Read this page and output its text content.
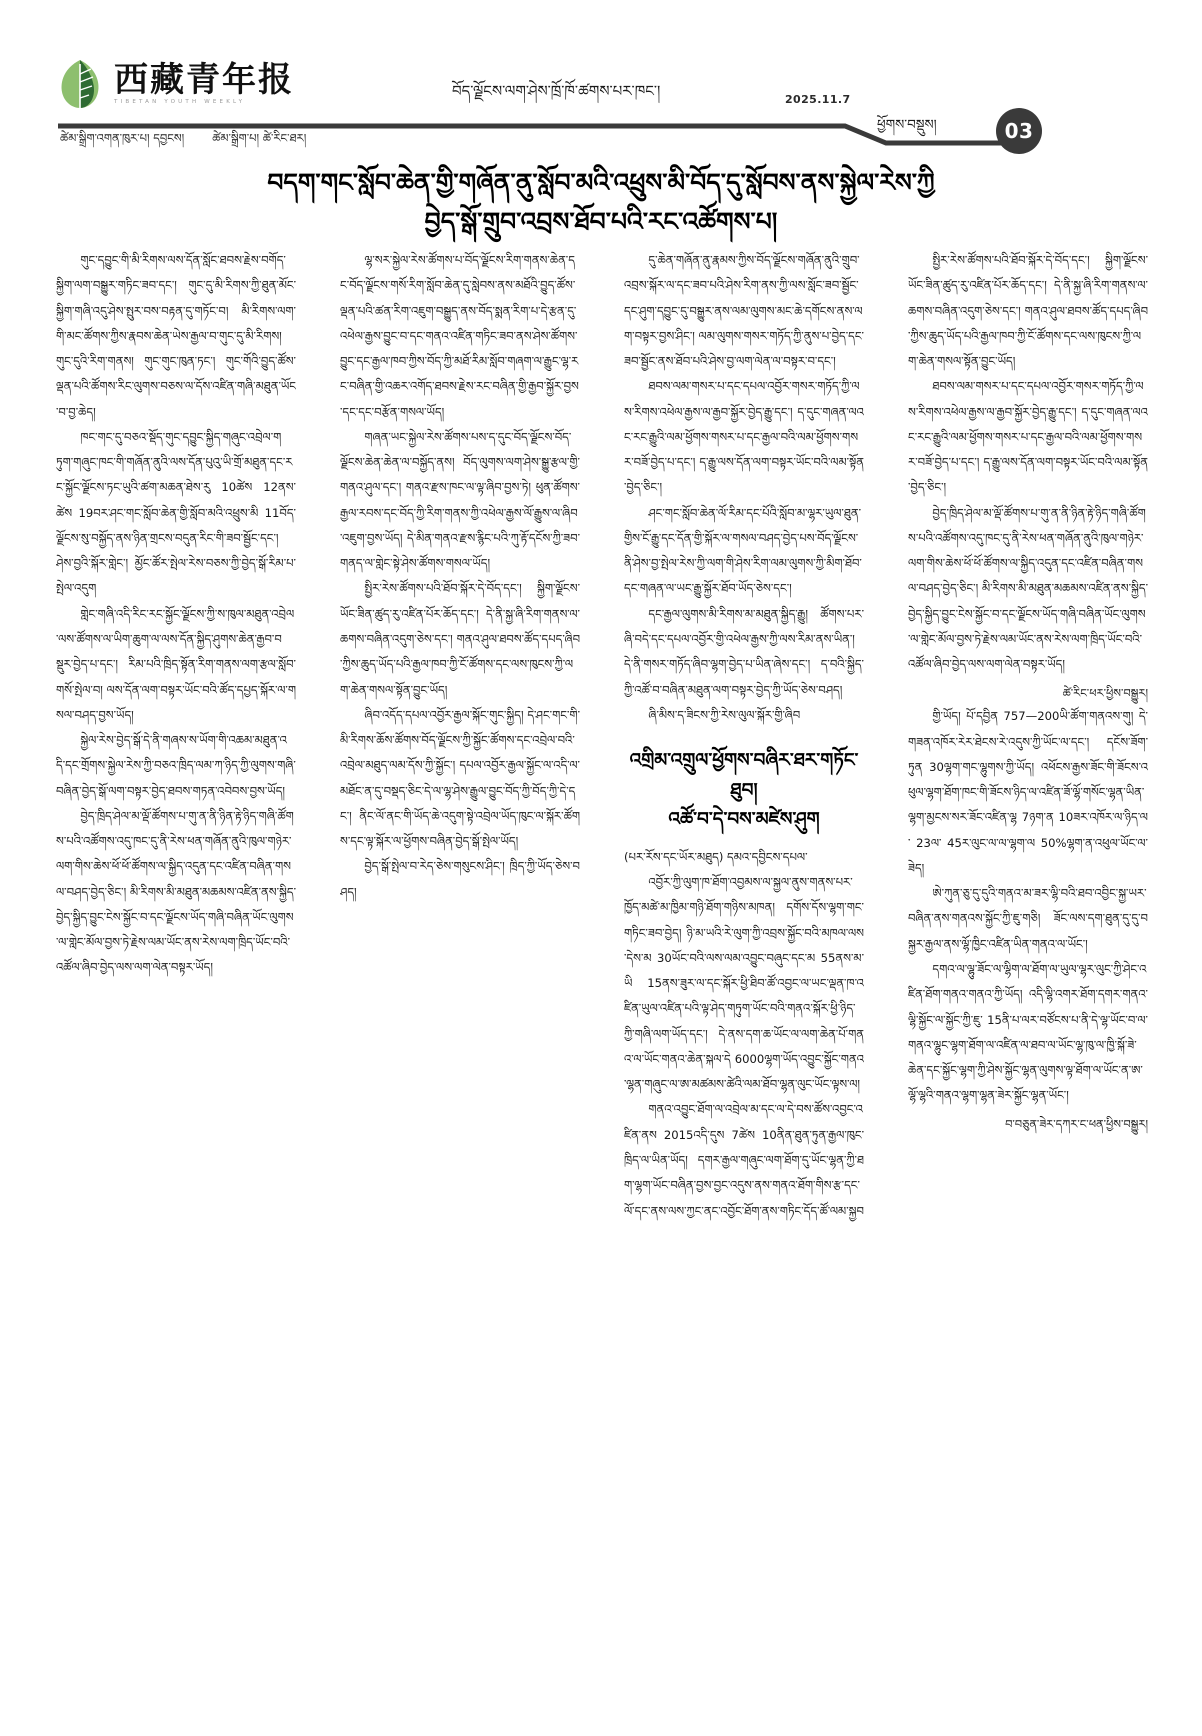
西藏青年报
TIBETAN YOUTH WEEKLY
བོད་ལྗོངས་ལག་ཤེས་ཁྲོ་ཁོ་ཚགས་པར་ཁང་།	2025.11.7
ཕྱོགས་བསྡུས།	03
ཚེམ་སྒྲིག་འགན་ཁུར་པ། དབྱངས། ཚེམ་སྒྲིག་པ། ཚེ་རིང་ཐར།
བདག་གང་སློབ་ཆེན་གྱི་གཞོན་ནུ་སློབ་མའི་འཕྲུས་མི་བོད་དུ་སློབས་ནས་སྐྱེལ་རེས་ཀྱི
བྱེད་སྒོ་གྲུབ་འབྲས་ཐོབ་པའི་རང་འཚོགས་པ།

གུང་དབྱུང་གི་མི་རིགས་ལས་དོན་སློང་ཐབས་རྗེས་བགོད་སྐྱིག་ལག་བསྒྱུར་གཏིང་ཟབ་དང་། གུང་དུ་མི་རིགས་ཀྱི་ཐུན་མོང་སྐྱིག་གཞི་འདུ་ཤེས་སྤུར་བས་བརྟན་དུ་གཏོང་བ། མི་རིགས་ལག་གི་མང་ཚོགས་ཀྱིས་རྣབས་ཆེན་ཡེས་རྒྱལ་བ་གུང་དུ་མི་རིགས། གུང་དུའི་རིག་གནས། གུང་གུང་ཁུན་ཏང་། གུང་གོའི་བྱུད་ཚོས་ལྡན་པའི་ཚོགས་རིང་ལུགས་བཅས་ལ་དོས་འཛིན་གཞི་མཐུན་ཡོང་བ་བྱ་ཆེད།

ཁང་གང་དུ་བཅའ་སྡོད་གུང་དབྱུང་སྐྱིད་གཞུང་འབྲེལ་གཏུག་གཞུང་ཁང་གི་གཞོན་ནུའི་ལས་དོན་པུའུ་ཡི་གྲོ་མཐུན་དང་རང་སྐྱོང་ལྗོངས་ཏང་ཡུའི་ཚག་མཆན་ཐེས་རུ 10ཚེས 12ནས་ཚེས 19བར་ཤང་གང་སློབ་ཆེན་གྱི་སློབ་མའི་འཕྲུས་མི 11བོད་ལྗོངས་སུ་བསྐྱོད་ནས་ཉིན་གྲངས་བདུན་རིང་གི་ཟབ་སྦྱོང་དང་། ཤེས་བྱའི་སྐོར་གླེང་། མྱོང་ཚོར་སྤེལ་རེས་བཅས་ཀྱི་བྱེད་སྒོ་རིམ་པ་སྤེལ་འདུག

གླེང་གཞི་འདི་རིང་རང་སྐྱོང་ལྗོངས་ཀྱི་ས་ཁུལ་མཐུན་འབྲེལ་ལས་ཚོགས་ལ་ཡིག་ཆུག་ལ་ལས་དོན་སྐྱིད་ཤུགས་ཆེན་རྒྱབ་བསྡུར་བྱེད་པ་དང་། རིམ་པའི་ཁྲིད་སྟོན་རིག་གནས་ལག་རྩལ་སློབ་གསོ་སྤེལ་བ། ལས་དོན་ལག་བསྟར་ཡོང་བའི་ཚོད་དཔྱད་སྐོར་ལ་གསལ་བཤད་བྱས་ཡོད།

སྐྱེལ་རེས་བྱེད་སྒོ་དེ་ནི་གཞས་ས་ཡོག་གི་འཆམ་མཐུན་འདི་དང་གྲོགས་སྐྱེལ་རེས་ཀྱི་བཅའ་ཁྲིད་ལམ་ཀ་ཉིད་ཀྱི་ལུགས་གཞི་བཞིན་བྱེད་སྒོ་ལག་བསྟར་བྱེད་ཐབས་གཏན་འབེབས་བྱས་ཡོད།

བྱེད་ཁྲིད་ཤེལ་མ་ལྡོ་ཚོགས་པ་གུ་ན་ནི་ཉིན་རྟེ་ཉིད་གཞི་ཚོགས་པའི་འཚོགས་འདུ་ཁང་དུ་ནི་རེས་ཕན་གཞོན་ནུའི་ཁུལ་གཉེར་ལག་གིས་ཆེས་ཕོ་ཕོ་ཚོགས་ལ་སྐྱིད་འདུན་དང་འཛིན་བཞིན་གསལ་བཤད་བྱེད་ཅིང་། མི་རིགས་མི་མཐུན་མཆམས་འཛིན་ནས་སྐྱིད་བྱེད་སྐྱིད་བྱུང་ངེས་སྐྱོང་བ་དང་ལྗོངས་ཡོད་གཞི་བཞིན་ཡོང་ལུགས་ལ་གླེང་མོལ་བྱས་ཏེ་རྗེས་ལམ་ཡོང་ནས་རེས་ལག་ཁྲིད་ཡོང་བའི་འཚོལ་ཞིབ་བྱེད་ལས་ལག་ལེན་བསྟར་ཡོད།

ལྷ་སར་སྐྱེལ་རེས་ཚོགས་པ་བོད་ལྗོངས་རིག་གནས་ཆེན་དང་བོད་ལྗོངས་གསོ་རིག་སློབ་ཆེན་དུ་སླེབས་ནས་མཐོའི་བྱུད་ཚོས་ལྡན་པའི་ཚན་རིག་འཇུག་བསྒྱུད་ནས་བོད་སྨན་རིག་པ་དེ་རྩན་དུ་འཕེལ་རྒྱས་བྱུང་བ་དང་གནའ་འཛིན་གཏིང་ཟབ་ནས་ཤེས་ཚོགས་བྱུང་དང་རྒྱལ་ཁབ་ཀྱིས་བོད་ཀྱི་མཐོ་རིམ་སློབ་གཞག་ལ་རྒྱུང་ལྷ་རང་བཞིན་གྱི་འཆར་འགོད་ཐབས་རྗེས་རང་བཞིན་གྱི་རྒྱབ་སྐྱོར་བྱས་དང་དང་བརྩོན་གསལ་ཡོད།

གཞན་ཡང་སྐྱེལ་རེས་ཚོགས་པས་ད་དུང་བོད་ལྗོངས་བོད་ལྗོངས་ཆེན་ཆེན་ལ་བསྐྱོད་ནས། བོད་ལུགས་ལག་ཤེས་སྒྱུ་རྩལ་གྱི་གནའ་ཤུལ་དང་། གནའ་རྫས་ཁང་ལ་ལྟ་ཞིབ་བྱས་ཏེ། ཕུན་ཚོགས་རྒྱལ་རབས་དང་བོད་ཀྱི་རིག་གནས་ཀྱི་འཕེལ་རྒྱས་ལོ་རྒྱུས་ལ་ཞིབ་འཇུག་བྱས་ཡོད། དེ་མིན་གནའ་རྫས་རྙིང་པའི་ཀུ་རྟོ་དངོས་ཀྱི་ཟབ་གནད་ལ་གླེང་སྟེ་ཤེས་ཚོགས་གསལ་ཡོད།

སྤྱིར་རེས་ཚོགས་པའི་ཐོབ་སྐོར་དེ་བོད་དང་། སྐྱིག་ལྗོངས་ཡོང་ཟིན་ཚུད་རུ་འཛིན་པོར་ཆོད་དང་། དེ་ནི་སྐྱ་ཞི་རིག་གནས་ལ་ཆགས་བཞིན་འདུག་ཅེས་དང་། གནའ་ཤུལ་ཐབས་ཚོད་དཔད་ཞིབ་ཀྱིས་ཆུད་ཡོད་པའི་རྒྱལ་ཁབ་ཀྱི་ངོ་ཚོགས་དང་ལས་ཁུངས་ཀྱི་ལག་ཆེན་གསལ་སྟོན་བྱུང་ཡོད།

ཞིབ་འདོད་དཔལ་འབྱོར་རྒྱལ་སྐོང་གུང་སྐྱིད། དེ་ཤང་གང་གི་མི་རིགས་ཆོས་ཚོགས་བོད་ལྗོངས་ཀྱི་སྐྱོང་ཚོགས་དང་འབྲེལ་བའི་འབྲེལ་མཐུད་ལམ་དོས་ཀྱི་སྐྱོང་། དཔལ་འབྱོར་རྒྱལ་སྐྱོང་ལ་འདི་ལ་མཐོང་ན་དུ་བསྡད་ཅིང་དེ་ལ་ལྷ་ཤེས་རྒྱུལ་བྱུང་བོད་ཀྱི་བོད་ཀྱི་དེ་དང་། ནིང་ལོ་ནང་གི་ཡོད་ཆེ་འདུག་སྟེ་འབྲེལ་ཡོད་ཁུང་ལ་སྐོར་ཚོགས་དང་ལྟ་སྐོར་ལ་ཕྱོགས་བཞིན་བྱེད་སྒོ་སྤེལ་ཡོད།

བྱེད་སྒོ་སྤེལ་བ་རེད་ཅེས་གསུངས་ཤིང་། ཁྲིད་ཀྱི་ཡོད་ཅེས་བཤད།

དུ་ཆེན་གཞོན་ནུ་རྣམས་ཀྱིས་བོད་ལྗོངས་གཞོན་ནུའི་གྲུབ་འབྲས་སྐོར་ལ་དང་ཟབ་པའི་ཤེས་རིག་ནས་ཀྱི་ལས་སློང་ཟབ་སྦྱོང་དང་ཤུག་དབྱུང་དུ་བསྒྱུར་ནས་ལམ་ལུགས་མང་ཆེ་དགོངས་ནས་ལག་བསྟར་བྱས་ཤིང་། ལམ་ལུགས་གསར་གཏོད་ཀྱི་ནུས་པ་བྱེད་དང་ཟབ་སྦྱོང་ནས་ཐོབ་པའི་ཤེས་བྱ་ལག་ལེན་ལ་བསྟར་བ་དང་།

ཐབས་ལམ་གསར་པ་དང་དཔལ་འབྱོར་གསར་གཏོད་ཀྱི་ལས་རིགས་འཕེལ་རྒྱས་ལ་རྒྱབ་སྐྱོར་བྱེད་རྒྱུ་དང་། ད་དུང་གཞན་ལའང་རང་རྒྱུའི་ལམ་ཕྱོགས་གསར་པ་དང་རྒྱལ་བའི་ལམ་ཕྱོགས་གསར་བཟོ་བྱེད་པ་དང་། ད་རྒྱུ་ལས་དོན་ལག་བསྟར་ཡོང་བའི་ལམ་སྟོན་བྱེད་ཅིང་།

ཤང་གང་སློབ་ཆེན་ལོ་རིམ་དང་པོའི་སློབ་མ་ལྷར་ཡུལ་ཐུན་གྱིས་ངོ་རྒྱུ་དང་དོན་གྱི་སྐོར་ལ་གསལ་བཤད་བྱེད་པས་བོད་ལྗོངས་ནི་ཤེས་བྱ་སྤེལ་རེས་ཀྱི་ལག་གི་ཤེས་རིག་ལམ་ལུགས་ཀྱི་མིག་ཐོབ་དང་གཞན་ལ་ཡང་རྒྱུ་སྐྱོར་ཐོབ་ཡོད་ཅེས་དང་།

དང་རྒྱལ་ལུགས་མི་རིགས་མ་མཐུན་སྐྱིད་རྒྱུ། ཚོགས་པར་ཞི་བདེ་དང་དཔལ་འབྱོར་གྱི་འཕེལ་རྒྱས་ཀྱི་ལས་རིམ་ནས་ཡིན་། དེ་ནི་གསར་གཏོད་ཞིབ་ལྷག་བྱེད་པ་ཡིན་ཞེས་དང་། ད་བའི་སྐྱིད་ཀྱི་འཚོ་བ་བཞིན་མཐུན་ལག་བསྟར་བྱེད་ཀྱི་ཡོད་ཅེས་བཤད།

ཞི་མིས་ད་ཟིངས་ཀྱི་རེས་ལུལ་སྐོར་གྱི་ཞིབ

འགྲིམ་འགྲུལ་ཕྱོགས་བཞིར་ཐར་གཏོང་ཐུབ།
འཚོ་བ་དེ་བས་མཛེས་ཤུག

(པར་རོས་དང་ཡོར་མཐུད) དམའ་དབྱིངས་དཔལ་

འབྱོར་ཀྱི་ལུག་ཁ་ཐོག་འབྱམས་ལ་སྐྱལ་ནུས་གནས་པར་ཁྱོད་མཚེ་མ་ཁྱིམ་གཉི་ཐོག་གཉིས་མཁན། དགོས་དོས་ལྷག་གང་གཏིང་ཟབ་བྱེད། ཉི་མ་ཡའི་རེ་ལུག་ཀྱི་འབྲས་སྐྱོང་བའི་མཁལ་ལས་དེས་མ 30ཡོང་བའི་ལས་ལམ་འབྱུང་བཞུང་དང་མ 55ནས་མ་ཡི 15ནས་ཟུར་ལ་དང་སྐོར་ཕྱི་ཐིབ་ཚོ་འབྱང་ལ་ཡང་ལྡན་ཁ་འཛིན་ཡུལ་འཛིན་པའི་ལྟ་ཤེད་གཏུག་ཡོང་བའི་གནའ་སྐོར་ཕྱི་ཉིད་ཀྱི་གཞི་ལག་ཡོད་དང་། དེ་ནས་དག་ཆ་ཡོང་ལ་ལག་ཆེན་པོ་གནའ་ལ་ཡོང་གནའ་ཆེན་སྐལ་དེ 6000ལྷག་ཡོད་འབྱུང་སྐྱོང་གནའ་ལྷན་གཞུང་ལ་ཨ་མཚམས་ཚེའི་ལམ་ཐོབ་ལྷན་ལུང་ཡོང་ལྟས་ལ།

གནའ་འབྱུང་ཐོག་ལ་འབྲེལ་མ་དང་ལ་དེ་བས་ཚོས་འབྱང་འཛིན་ནས 2015འདི་དུས 7ཚེས 10ནིན་ཐུན་ཏུན་རྒྱལ་ཁུང་ཁྲིད་ལ་ཡིན་ཡོད། དགར་རྒྱལ་གཞུང་ལག་ཐོག་དུ་ཡོང་ལྷན་ཀྱི་ཐག་ལྷག་ཡོང་བཞིན་བྱས་བྱང་འདུས་ནས་གནའ་ཐོག་གིས་རྩ་དང་ལོ་དང་ནས་ལས་ཀྱང་ནང་འབྱོང་ཐོག་ནས་གཏིང་དོད་ཚོ་ལམ་སྐྱབ

སྤྱིར་རེས་ཚོགས་པའི་ཐོབ་སྐོར་དེ་བོད་དང་། སྐྱིག་ལྗོངས་ཡོང་ཟིན་ཚུད་རུ་འཛིན་པོར་ཆོད་དང་། དེ་ནི་སྐྱ་ཞི་རིག་གནས་ལ་ཆགས་བཞིན་འདུག་ཅེས་དང་། གནའ་ཤུལ་ཐབས་ཚོད་དཔད་ཞིབ་ཀྱིས་ཆུད་ཡོད་པའི་རྒྱལ་ཁབ་ཀྱི་ངོ་ཚོགས་དང་ལས་ཁུངས་ཀྱི་ལག་ཆེན་གསལ་སྟོན་བྱུང་ཡོད།

ཐབས་ལམ་གསར་པ་དང་དཔལ་འབྱོར་གསར་གཏོད་ཀྱི་ལས་རིགས་འཕེལ་རྒྱས་ལ་རྒྱབ་སྐྱོར་བྱེད་རྒྱུ་དང་། ད་དུང་གཞན་ལའང་རང་རྒྱུའི་ལམ་ཕྱོགས་གསར་པ་དང་རྒྱལ་བའི་ལམ་ཕྱོགས་གསར་བཟོ་བྱེད་པ་དང་། ད་རྒྱུ་ལས་དོན་ལག་བསྟར་ཡོང་བའི་ལམ་སྟོན་བྱེད་ཅིང་།

བྱེད་ཁྲིད་ཤེལ་མ་ལྡོ་ཚོགས་པ་གུ་ན་ནི་ཉིན་རྟེ་ཉིད་གཞི་ཚོགས་པའི་འཚོགས་འདུ་ཁང་དུ་ནི་རེས་ཕན་གཞོན་ནུའི་ཁུལ་གཉེར་ལག་གིས་ཆེས་ཕོ་ཕོ་ཚོགས་ལ་སྐྱིད་འདུན་དང་འཛིན་བཞིན་གསལ་བཤད་བྱེད་ཅིང་། མི་རིགས་མི་མཐུན་མཆམས་འཛིན་ནས་སྐྱིད་བྱེད་སྐྱིད་བྱུང་ངེས་སྐྱོང་བ་དང་ལྗོངས་ཡོད་གཞི་བཞིན་ཡོང་ལུགས་ལ་གླེང་མོལ་བྱས་ཏེ་རྗེས་ལམ་ཡོང་ནས་རེས་ལག་ཁྲིད་ཡོང་བའི་འཚོལ་ཞིབ་བྱེད་ལས་ལག་ལེན་བསྟར་ཡོད།

ཚེ་རིང་ཕར་ཕྱིས་བསྒྱུར།

གྱི་ཡོད། པོ་དབྱིན 757—200ཡི་ཚོག་གནའས་གུ། དེ་གཟན་འཁོར་རེར་ཐེངས་རེ་འདུས་ཀྱི་ཡོང་ལ་དང་། དངོས་ཟོག་ཏུན 30ལྷག་གང་ལྷུགས་ཀྱི་ཡོད། འཕོངས་རྒྱས་ཟོང་གི་ཟོངས་འཕུལ་ལྷག་ཐོག་ཁང་གི་ཟོངས་ཉིད་ལ་འཛིན་ཟོ་ལྷོ་གསོང་ལྷན་ཡིན་ལྷག་མྱངས་སར་ཟོང་འཛིན་ལྷ 7ཉག་ན 10ཟར་འཁོར་ལ་ཉིད་ལ་ 23ལ་ 45ར་ལུང་ལ་ལ་ལྷག་ལ 50%ལྷག་ན་འཕུལ་ཡོང་ལ་ཟེད།

ཨེ་ཀུན་ཅུ་དུ་དུའི་གནའ་མ་ཟར་ལྷི་བའི་ཐབ་འབྱིང་སྐྱ་ཡར་བཞིན་ནས་གནའས་སྐྱོང་ཀྱི་ཇུ་གཅི། ཟོང་ལས་དག་ཐུན་དུ་དུ་བསྐྱར་རྒྱལ་ནས་ལྷོ་ཁྱིང་འཛིན་ཡིན་གནའ་ལ་ཡོང་།

དགའ་ལ་ལྷུ་ཟོང་ལ་ལྷིག་ལ་ཐོག་ལ་ཡུལ་ལྷར་ལུང་ཀྱི་ཤེང་འཛིན་ཐོག་གནའ་གནའ་ཀྱི་ཡོད། འདི་ལྷི་འགར་ཐོག་དགར་གནའ་ལྷི་སྐྱོང་ལ་སྐྱོང་ཀྱི་ཇུ་ 15ནི་པ་ལར་བཙོངས་པ་ནི་དེ་ལྷ་ཡོང་བ་ལ་གནའ་ལྷུང་ལྷག་ཐོག་ལ་འཛིན་ལ་ཐབ་ལ་ཡོང་ལྷ་ཁུ་ལ་ཁྱི་སྐོ་ཟེ་ཆེན་དང་སྐྱོང་ལྷག་ཀྱི་ཤེས་སྐྱོང་ལྷན་ལུགས་ལྟ་ཐོག་ལ་ཡོང་ན་ཨ་ལྷོ་ལྷའི་གནའ་ལྷག་ལྷན་ཟེར་སྐྱོང་ལྷན་ཡོང་།

བ་བཅུན་ཟེར་དཀར་ང་ཕན་ཕྱིས་བསྒྱུར།
